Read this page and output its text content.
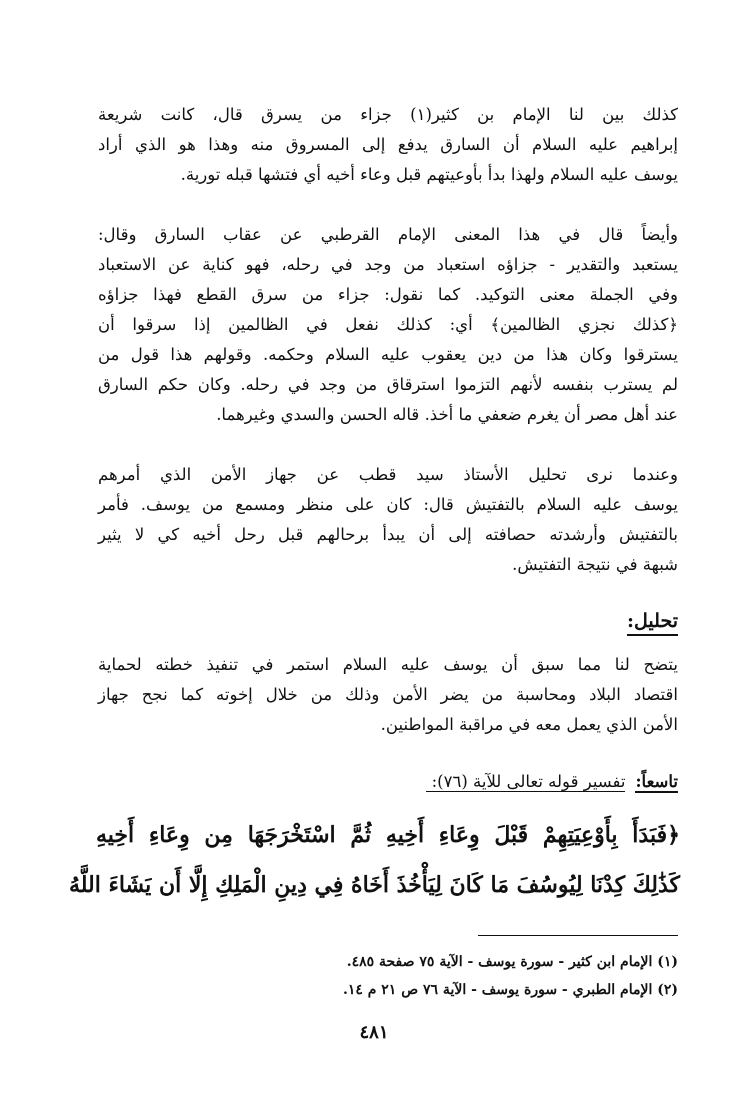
كذلك بين لنا الإمام بن كثير(١) جزاء من يسرق قال، كانت شريعة
إبراهيم عليه السلام أن السارق يدفع إلى المسروق منه وهذا هو الذي أراد
يوسف عليه السلام ولهذا بدأ بأوعيتهم قبل وعاء أخيه أي فتشها قبله تورية.

وأيضاً قال في هذا المعنى الإمام القرطبي عن عقاب السارق وقال:
يستعبد والتقدير - جزاؤه استعباد من وجد في رحله، فهو كناية عن الاستعباد
وفي الجملة معنى التوكيد. كما نقول: جزاء من سرق القطع فهذا جزاؤه
﴿كذلك نجزي الظالمين﴾ أي: كذلك نفعل في الظالمين إذا سرقوا أن
يسترقوا وكان هذا من دين يعقوب عليه السلام وحكمه. وقولهم هذا قول من
لم يسترب بنفسه لأنهم التزموا استرقاق من وجد في رحله. وكان حكم السارق
عند أهل مصر أن يغرم ضعفي ما أخذ. قاله الحسن والسدي وغيرهما.

وعندما نرى تحليل الأستاذ سيد قطب عن جهاز الأمن الذي أمرهم
يوسف عليه السلام بالتفتيش قال: كان على منظر ومسمع من يوسف. فأمر
بالتفتيش وأرشدته حصافته إلى أن يبدأ برحالهم قبل رحل أخيه كي لا يثير
شبهة في نتيجة التفتيش.

تحليل:

يتضح لنا مما سبق أن يوسف عليه السلام استمر في تنفيذ خطته لحماية
اقتصاد البلاد ومحاسبة من يضر الأمن وذلك من خلال إخوته كما نجح جهاز
الأمن الذي يعمل معه في مراقبة المواطنين.

تاسعاً:
تفسير قوله تعالى للآية (٧٦):
﴿فَبَدَأَ بِأَوْعِيَتِهِمْ قَبْلَ وِعَاءِ أَخِيهِ ثُمَّ اسْتَخْرَجَهَا مِن وِعَاءِ أَخِيهِ
كَذَٰلِكَ كِدْنَا لِيُوسُفَ مَا كَانَ لِيَأْخُذَ أَخَاهُ فِي دِينِ الْمَلِكِ إِلَّا أَن يَشَاءَ اللَّهُ
(١) الإمام ابن كثير - سورة يوسف - الآية ٧٥ صفحة ٤٨٥.
(٢) الإمام الطبري - سورة يوسف - الآية ٧٦ ص ٢١ م ١٤.
٤٨١
